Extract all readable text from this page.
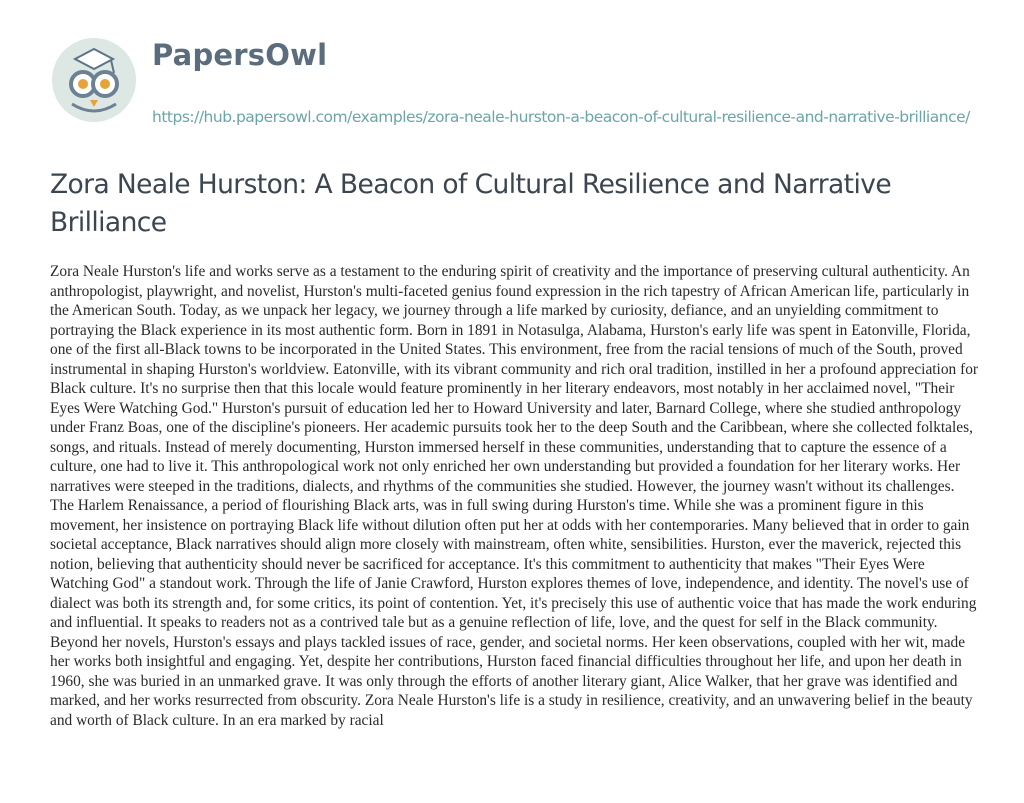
PapersOwl
https://hub.papersowl.com/examples/zora-neale-hurston-a-beacon-of-cultural-resilience-and-narrative-brilliance/
Zora Neale Hurston: A Beacon of Cultural Resilience and Narrative Brilliance

Zora Neale Hurston's life and works serve as a testament to the enduring spirit of creativity and the importance of preserving cultural authenticity. An anthropologist, playwright, and novelist, Hurston's multi-faceted genius found expression in the rich tapestry of African American life, particularly in the American South. Today, as we unpack her legacy, we journey through a life marked by curiosity, defiance, and an unyielding commitment to portraying the Black experience in its most authentic form. Born in 1891 in Notasulga, Alabama, Hurston's early life was spent in Eatonville, Florida, one of the first all-Black towns to be incorporated in the United States. This environment, free from the racial tensions of much of the South, proved instrumental in shaping Hurston's worldview. Eatonville, with its vibrant community and rich oral tradition, instilled in her a profound appreciation for Black culture. It's no surprise then that this locale would feature prominently in her literary endeavors, most notably in her acclaimed novel, "Their Eyes Were Watching God." Hurston's pursuit of education led her to Howard University and later, Barnard College, where she studied anthropology under Franz Boas, one of the discipline's pioneers. Her academic pursuits took her to the deep South and the Caribbean, where she collected folktales, songs, and rituals. Instead of merely documenting, Hurston immersed herself in these communities, understanding that to capture the essence of a culture, one had to live it. This anthropological work not only enriched her own understanding but provided a foundation for her literary works. Her narratives were steeped in the traditions, dialects, and rhythms of the communities she studied. However, the journey wasn't without its challenges. The Harlem Renaissance, a period of flourishing Black arts, was in full swing during Hurston's time. While she was a prominent figure in this movement, her insistence on portraying Black life without dilution often put her at odds with her contemporaries. Many believed that in order to gain societal acceptance, Black narratives should align more closely with mainstream, often white, sensibilities. Hurston, ever the maverick, rejected this notion, believing that authenticity should never be sacrificed for acceptance. It's this commitment to authenticity that makes "Their Eyes Were Watching God" a standout work. Through the life of Janie Crawford, Hurston explores themes of love, independence, and identity. The novel's use of dialect was both its strength and, for some critics, its point of contention. Yet, it's precisely this use of authentic voice that has made the work enduring and influential. It speaks to readers not as a contrived tale but as a genuine reflection of life, love, and the quest for self in the Black community. Beyond her novels, Hurston's essays and plays tackled issues of race, gender, and societal norms. Her keen observations, coupled with her wit, made her works both insightful and engaging. Yet, despite her contributions, Hurston faced financial difficulties throughout her life, and upon her death in 1960, she was buried in an unmarked grave. It was only through the efforts of another literary giant, Alice Walker, that her grave was identified and marked, and her works resurrected from obscurity. Zora Neale Hurston's life is a study in resilience, creativity, and an unwavering belief in the beauty and worth of Black culture. In an era marked by racial
